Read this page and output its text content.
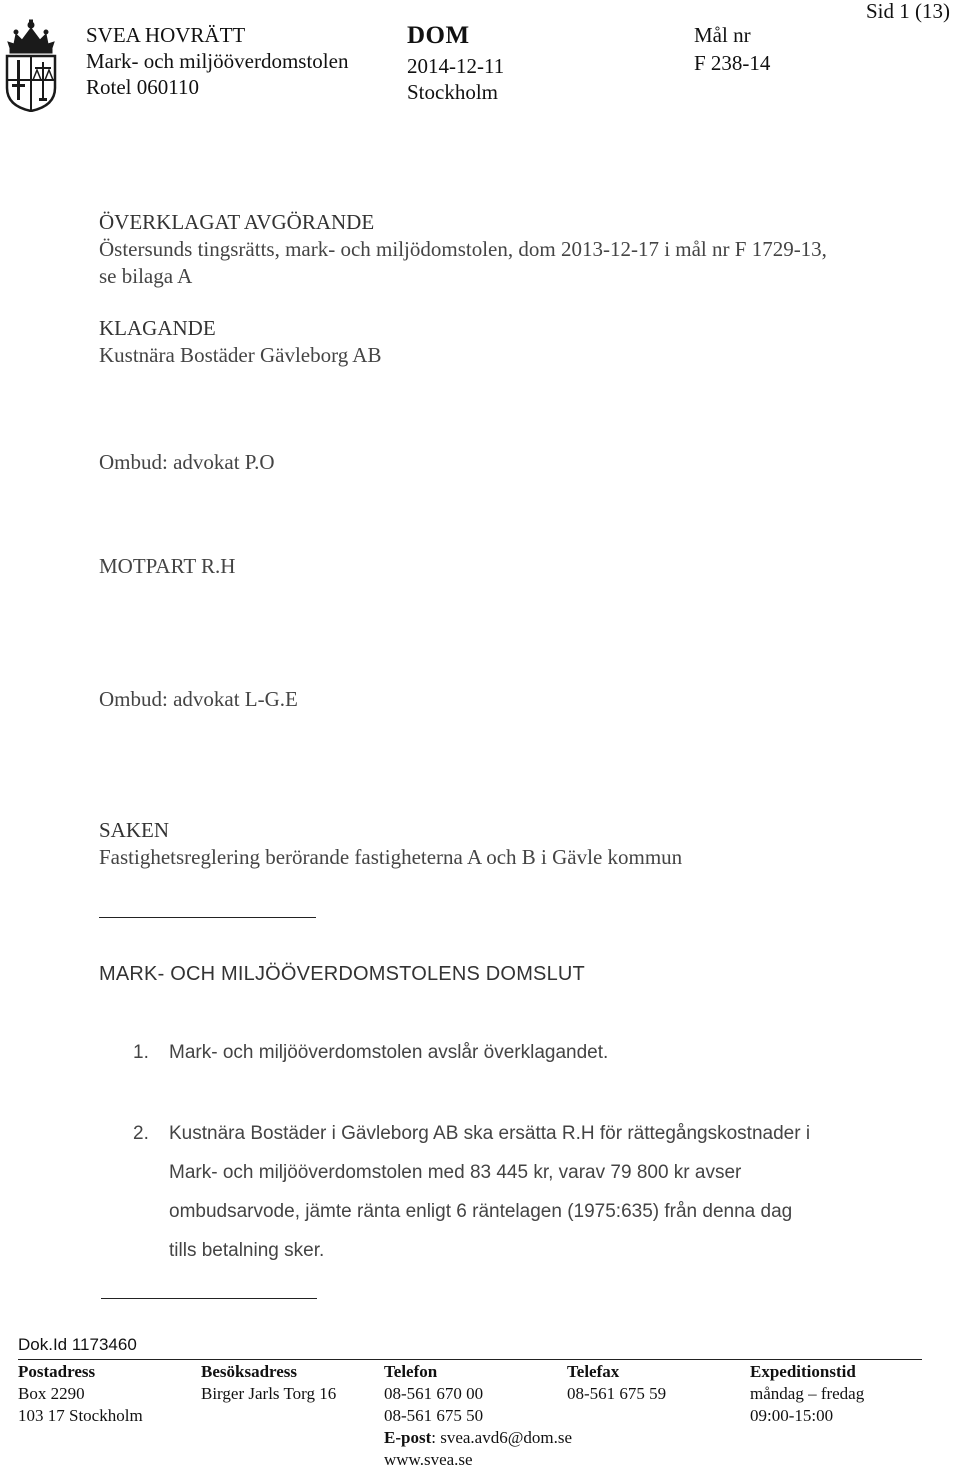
SVEA HOVRÄTT
Mark- och miljööverdomstolen
Rotel 060110
DOM
2014-12-11
Stockholm
Mål nr
F 238-14
Sid 1 (13)
ÖVERKLAGAT AVGÖRANDE
Östersunds tingsrätts, mark- och miljödomstolen, dom 2013-12-17 i mål nr F 1729-13,
se bilaga A
KLAGANDE
Kustnära Bostäder Gävleborg AB
Ombud: advokat P.O
MOTPART R.H
Ombud: advokat L-G.E
SAKEN
Fastighetsreglering berörande fastigheterna A och B i Gävle kommun
MARK- OCH MILJÖÖVERDOMSTOLENS DOMSLUT
1. Mark- och miljööverdomstolen avslår överklagandet.
2. Kustnära Bostäder i Gävleborg AB ska ersätta R.H för rättegångskostnader i
Mark- och miljööverdomstolen med 83 445 kr, varav 79 800 kr avser
ombudsarvode, jämte ränta enligt 6 räntelagen (1975:635) från denna dag
tills betalning sker.
Dok.Id 1173460
Postadress
Box 2290
103 17 Stockholm
Besöksadress
Birger Jarls Torg 16
Telefon
08-561 670 00
08-561 675 50
E-post: svea.avd6@dom.se
www.svea.se
Telefax
08-561 675 59
Expeditionstid
måndag – fredag
09:00-15:00
